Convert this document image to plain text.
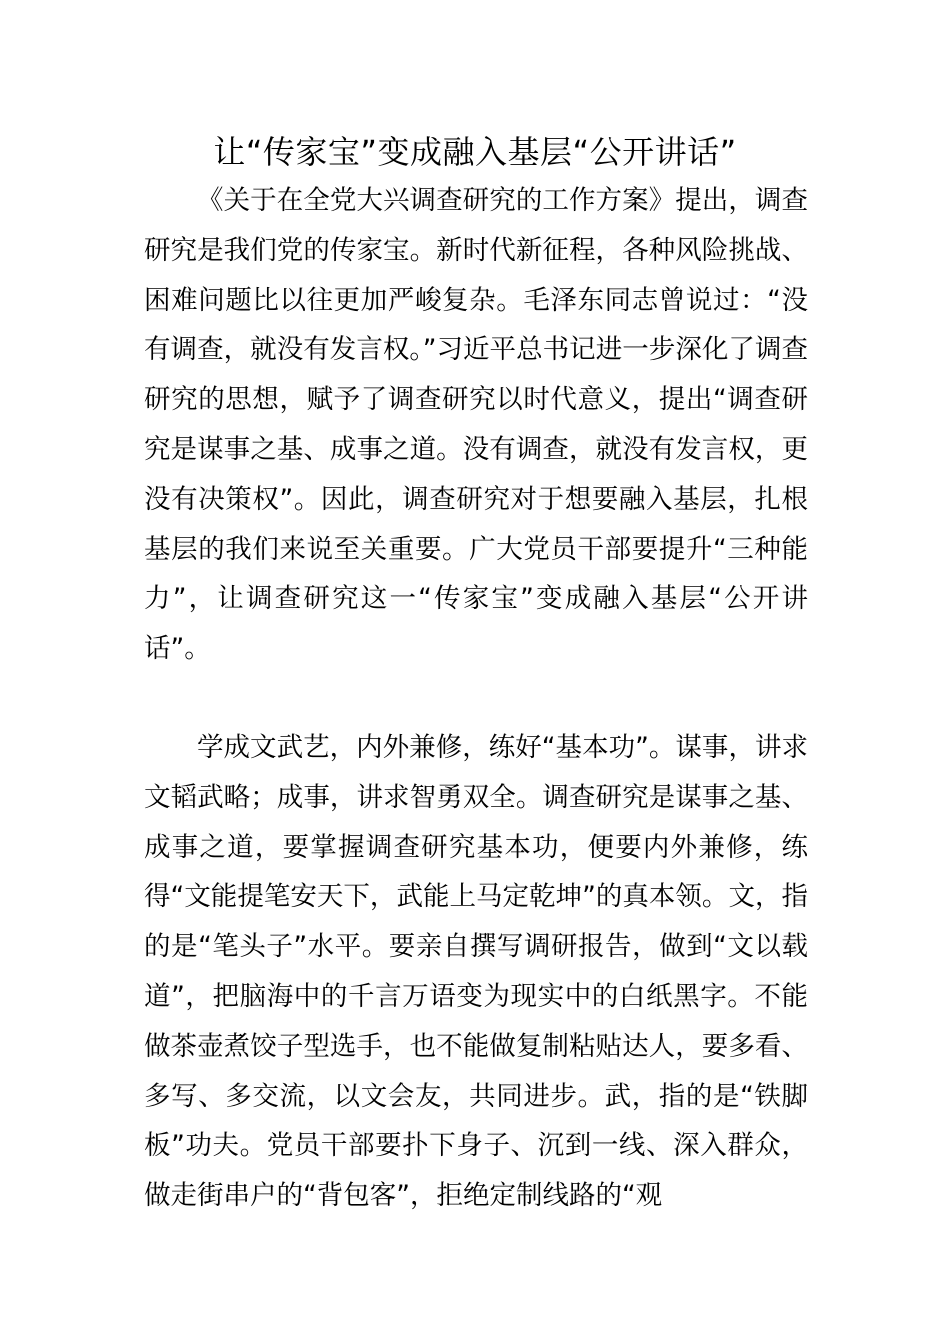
让“传家宝”变成融入基层“公开讲话”

《关于在全党大兴调查研究的工作方案》提出，调查研究是我们党的传家宝。新时代新征程，各种风险挑战、困难问题比以往更加严峻复杂。毛泽东同志曾说过：“没有调查，就没有发言权。”习近平总书记进一步深化了调查研究的思想，赋予了调查研究以时代意义，提出“调查研究是谋事之基、成事之道。没有调查，就没有发言权，更没有决策权”。因此，调查研究对于想要融入基层，扎根基层的我们来说至关重要。广大党员干部要提升“三种能力”，让调查研究这一“传家宝”变成融入基层“公开讲话”。

学成文武艺，内外兼修，练好“基本功”。谋事，讲求文韬武略；成事，讲求智勇双全。调查研究是谋事之基、成事之道，要掌握调查研究基本功，便要内外兼修，练得“文能提笔安天下，武能上马定乾坤”的真本领。文，指的是“笔头子”水平。要亲自撰写调研报告，做到“文以载道”，把脑海中的千言万语变为现实中的白纸黑字。不能做茶壶煮饺子型选手，也不能做复制粘贴达人，要多看、多写、多交流，以文会友，共同进步。武，指的是“铁脚板”功夫。党员干部要扑下身子、沉到一线、深入群众，做走街串户的“背包客”，拒绝定制线路的“观
